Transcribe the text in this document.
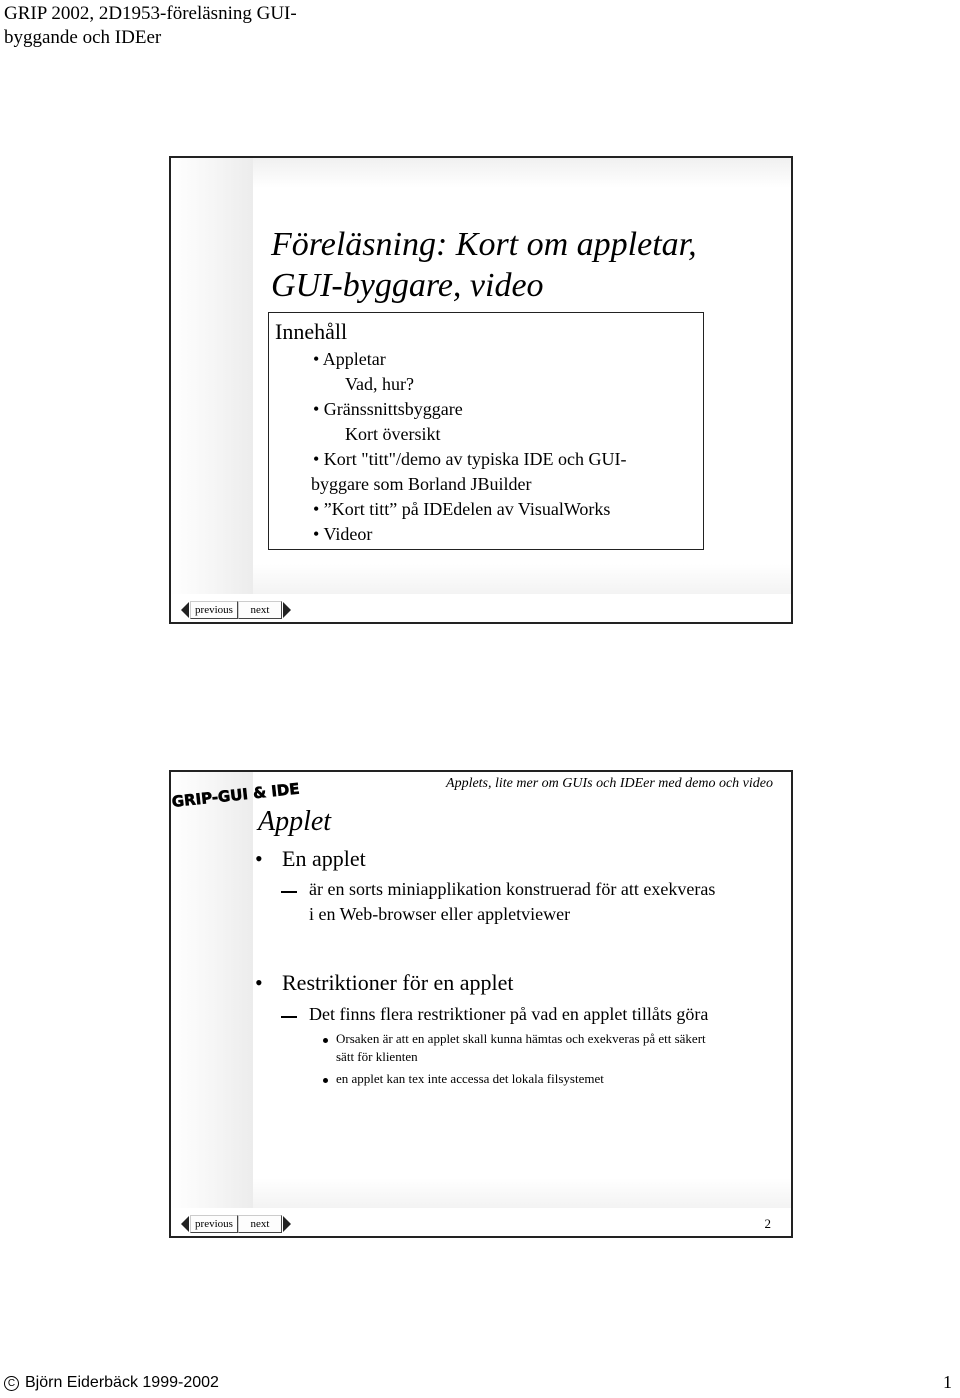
GRIP 2002, 2D1953-föreläsning GUI-
byggande och IDEer
Föreläsning: Kort om appletar,
GUI-byggare, video
Innehåll
• Appletar
Vad, hur?
• Gränssnittsbyggare
Kort översikt
• Kort "titt"/demo av typiska IDE och GUI-
byggare som Borland JBuilder
• ”Kort titt” på IDEdelen av VisualWorks
• Videor
previous	next
GRIP-GUI & IDE	Applets, lite mer om GUIs och IDEer med demo och video
Applet
• En applet
är en sorts miniapplikation konstruerad för att exekveras
i en Web-browser eller appletviewer
• Restriktioner för en applet
Det finns flera restriktioner på vad en applet tillåts göra
Orsaken är att en applet skall kunna hämtas och exekveras på ett säkert
sätt för klienten
en applet kan tex inte accessa det lokala filsystemet
previous	next	2
C Björn Eiderbäck 1999-2002	1
